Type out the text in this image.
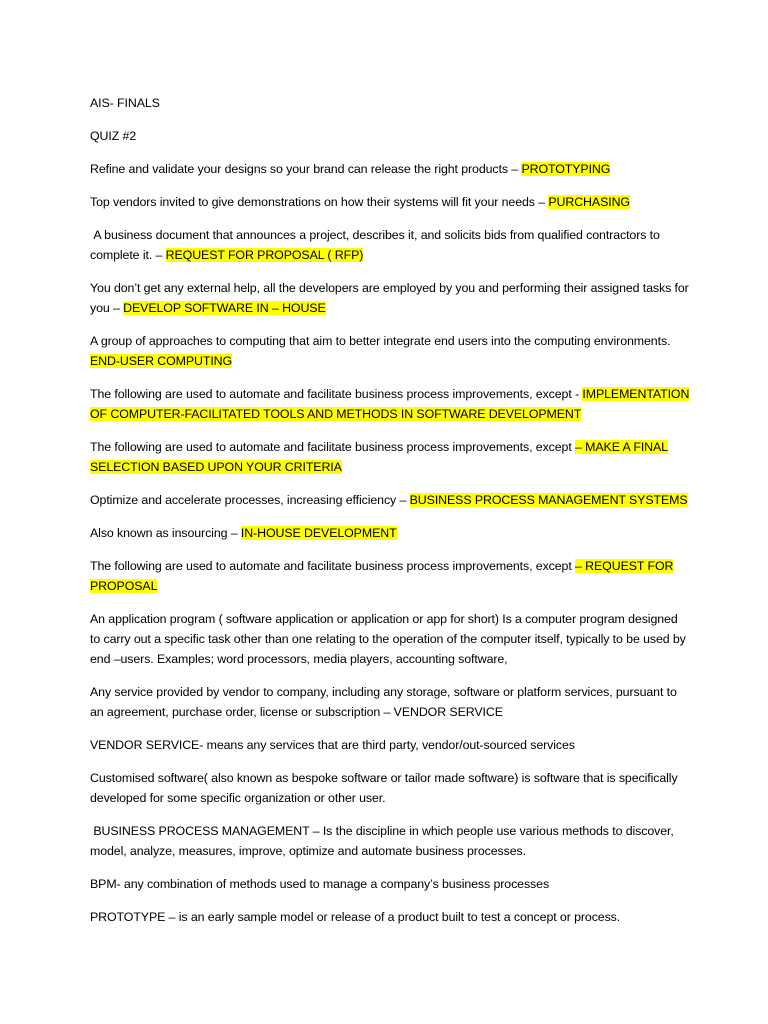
AIS- FINALS

QUIZ #2

Refine and validate your designs so your brand can release the right products – PROTOTYPING

Top vendors invited to give demonstrations on how their systems will fit your needs – PURCHASING

A business document that announces a project, describes it, and solicits bids from qualified contractors to complete it. – REQUEST FOR PROPOSAL ( RFP)

You don’t get any external help, all the developers are employed by you and performing their assigned tasks for you – DEVELOP SOFTWARE IN – HOUSE

A group of approaches to computing that aim to better integrate end users into the computing environments. END-USER COMPUTING

The following are used to automate and facilitate business process improvements, except - IMPLEMENTATION OF COMPUTER-FACILITATED TOOLS AND METHODS IN SOFTWARE DEVELOPMENT

The following are used to automate and facilitate business process improvements, except – MAKE A FINAL SELECTION BASED UPON YOUR CRITERIA

Optimize and accelerate processes, increasing efficiency – BUSINESS PROCESS MANAGEMENT SYSTEMS

Also known as insourcing – IN-HOUSE DEVELOPMENT

The following are used to automate and facilitate business process improvements, except – REQUEST FOR PROPOSAL

An application program ( software application or application or app for short) Is a computer program designed to carry out a specific task other than one relating to the operation of the computer itself, typically to be used by end –users. Examples; word processors, media players, accounting software,

Any service provided by vendor to company, including any storage, software or platform services, pursuant to an agreement, purchase order, license or subscription – VENDOR SERVICE

VENDOR SERVICE- means any services that are third party, vendor/out-sourced services

Customised software( also known as bespoke software or tailor made software) is software that is specifically developed for some specific organization or other user.

BUSINESS PROCESS MANAGEMENT – Is the discipline in which people use various methods to discover, model, analyze, measures, improve, optimize and automate business processes.

BPM- any combination of methods used to manage a company’s business processes

PROTOTYPE – is an early sample model or release of a product built to test a concept or process.
